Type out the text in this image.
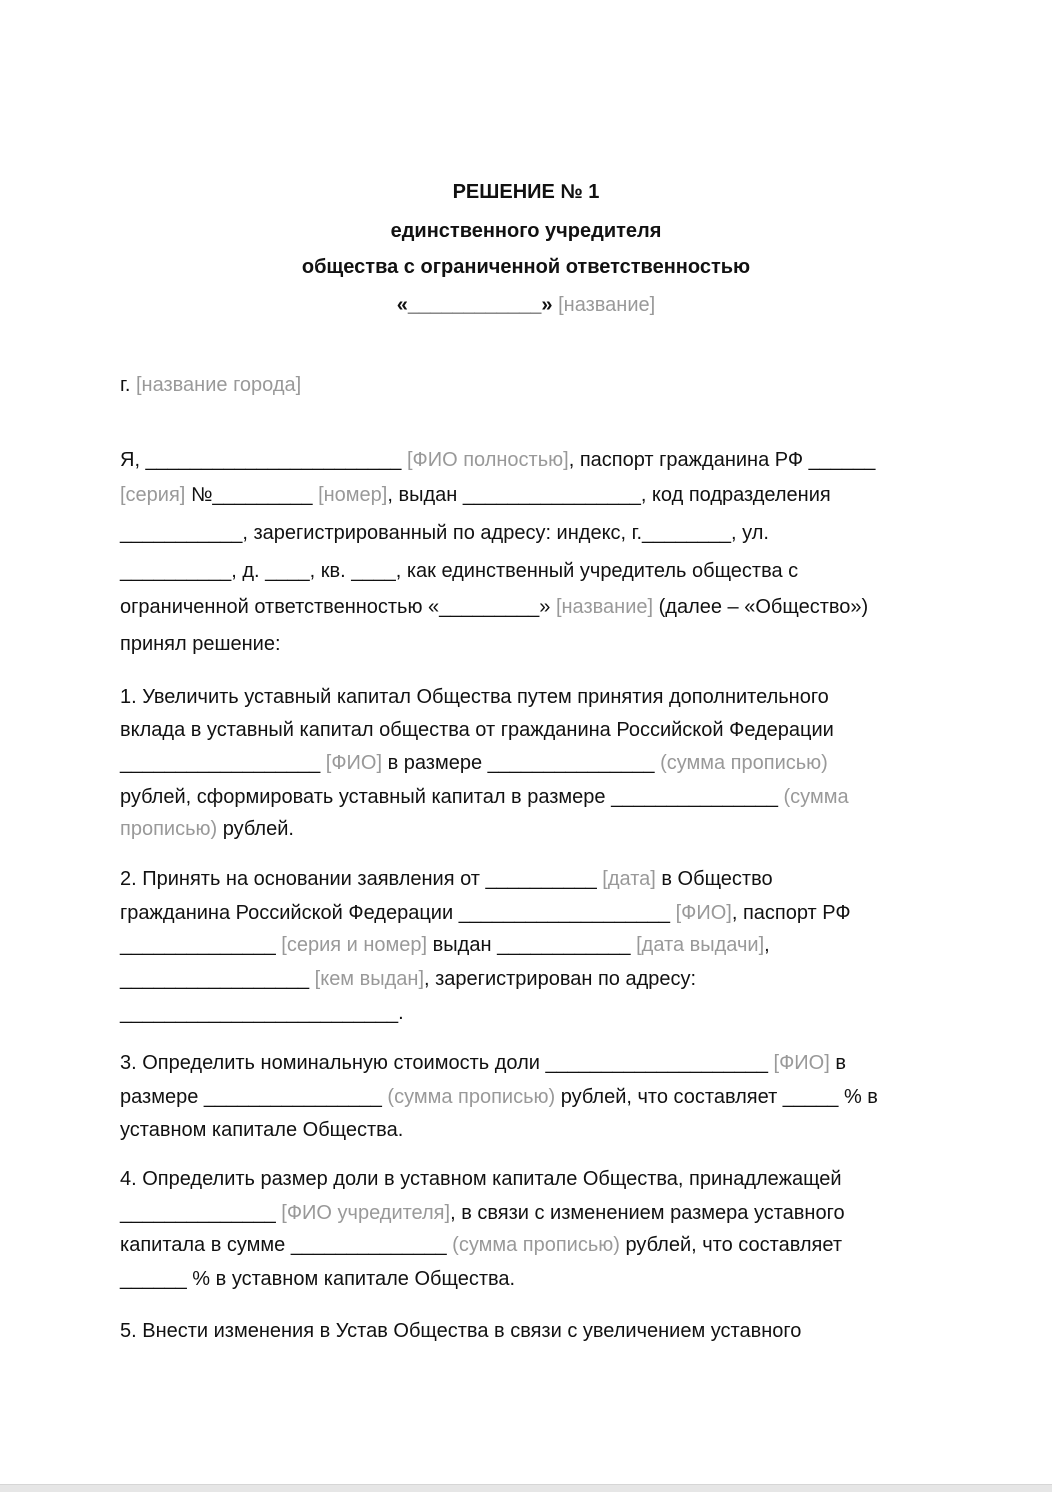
РЕШЕНИЕ № 1
единственного учредителя
общества с ограниченной ответственностью
«____________» [название]
г. [название города]
Я, _______________________ [ФИО полностью], паспорт гражданина РФ ______
[серия] №_________ [номер], выдан ________________, код подразделения
___________, зарегистрированный по адресу: индекс, г.________, ул.
__________, д. ____, кв. ____, как единственный учредитель общества с
ограниченной ответственностью «_________» [название] (далее – «Общество»)
принял решение:
1. Увеличить уставный капитал Общества путем принятия дополнительного
вклада в уставный капитал общества от гражданина Российской Федерации
__________________ [ФИО] в размере _______________ (сумма прописью)
рублей, сформировать уставный капитал в размере _______________ (сумма
прописью) рублей.
2. Принять на основании заявления от __________ [дата] в Общество
гражданина Российской Федерации ___________________ [ФИО], паспорт РФ
______________ [серия и номер] выдан ____________ [дата выдачи],
_________________ [кем выдан], зарегистрирован по адресу:
_________________________.
3. Определить номинальную стоимость доли ____________________ [ФИО] в
размере ________________ (сумма прописью) рублей, что составляет _____ % в
уставном капитале Общества.
4. Определить размер доли в уставном капитале Общества, принадлежащей
______________ [ФИО учредителя], в связи с изменением размера уставного
капитала в сумме ______________ (сумма прописью) рублей, что составляет
______ % в уставном капитале Общества.
5. Внести изменения в Устав Общества в связи с увеличением уставного
